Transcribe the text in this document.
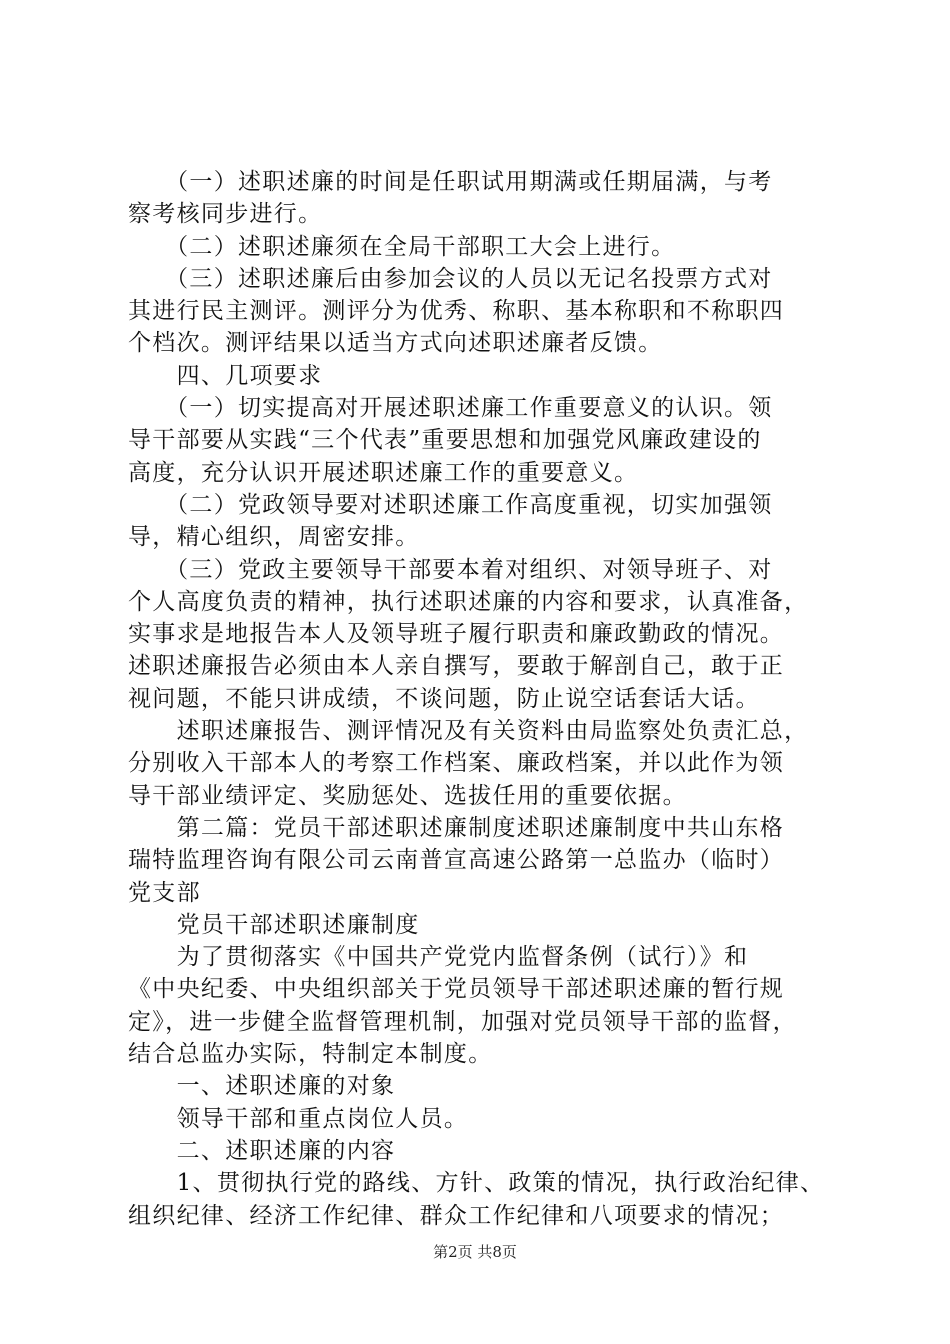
　　（一）述职述廉的时间是任职试用期满或任期届满，与考
察考核同步进行。
　　（二）述职述廉须在全局干部职工大会上进行。
　　（三）述职述廉后由参加会议的人员以无记名投票方式对
其进行民主测评。测评分为优秀、称职、基本称职和不称职四
个档次。测评结果以适当方式向述职述廉者反馈。
　　四、几项要求
　　（一）切实提高对开展述职述廉工作重要意义的认识。领
导干部要从实践“三个代表”重要思想和加强党风廉政建设的
高度，充分认识开展述职述廉工作的重要意义。
　　（二）党政领导要对述职述廉工作高度重视，切实加强领
导，精心组织，周密安排。
　　（三）党政主要领导干部要本着对组织、对领导班子、对
个人高度负责的精神，执行述职述廉的内容和要求，认真准备，
实事求是地报告本人及领导班子履行职责和廉政勤政的情况。
述职述廉报告必须由本人亲自撰写，要敢于解剖自己，敢于正
视问题，不能只讲成绩，不谈问题，防止说空话套话大话。
　　述职述廉报告、测评情况及有关资料由局监察处负责汇总，
分别收入干部本人的考察工作档案、廉政档案，并以此作为领
导干部业绩评定、奖励惩处、选拔任用的重要依据。
　　第二篇：党员干部述职述廉制度述职述廉制度中共山东格
瑞特监理咨询有限公司云南普宣高速公路第一总监办（临时）
党支部
　　党员干部述职述廉制度
　　为了贯彻落实《中国共产党党内监督条例（试行）》和
《中央纪委、中央组织部关于党员领导干部述职述廉的暂行规
定》，进一步健全监督管理机制，加强对党员领导干部的监督，
结合总监办实际，特制定本制度。
　　一、述职述廉的对象
　　领导干部和重点岗位人员。
　　二、述职述廉的内容
　　1、贯彻执行党的路线、方针、政策的情况，执行政治纪律、
组织纪律、经济工作纪律、群众工作纪律和八项要求的情况；
第2页 共8页
